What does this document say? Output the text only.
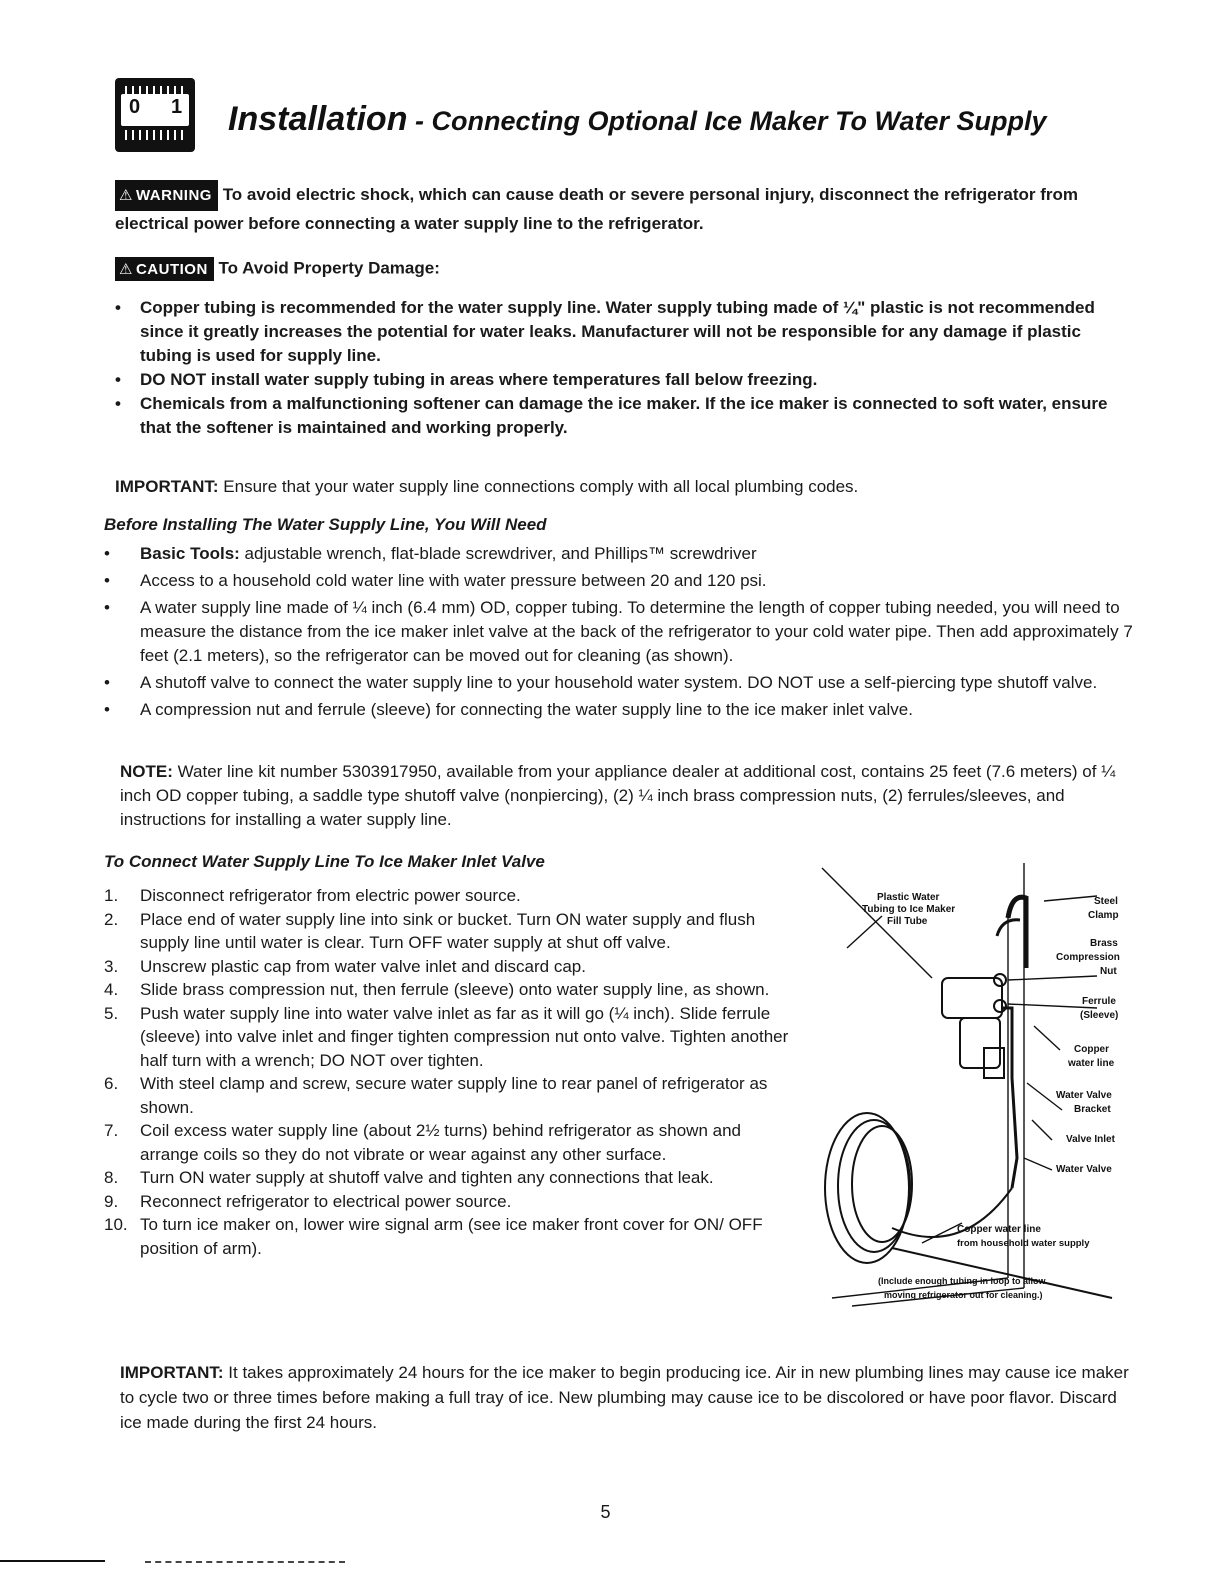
0 1 Installation - Connecting Optional Ice Maker To Water Supply
⚠ WARNING To avoid electric shock, which can cause death or severe personal injury, disconnect the refrigerator from electrical power before connecting a water supply line to the refrigerator.
⚠ CAUTION To Avoid Property Damage:
• Copper tubing is recommended for the water supply line. Water supply tubing made of ¼" plastic is not recommended since it greatly increases the potential for water leaks. Manufacturer will not be responsible for any damage if plastic tubing is used for supply line.
• DO NOT install water supply tubing in areas where temperatures fall below freezing.
• Chemicals from a malfunctioning softener can damage the ice maker. If the ice maker is connected to soft water, ensure that the softener is maintained and working properly.
IMPORTANT: Ensure that your water supply line connections comply with all local plumbing codes.
Before Installing The Water Supply Line, You Will Need
• Basic Tools: adjustable wrench, flat-blade screwdriver, and Phillips™ screwdriver
• Access to a household cold water line with water pressure between 20 and 120 psi.
• A water supply line made of ¼ inch (6.4 mm) OD, copper tubing. To determine the length of copper tubing needed, you will need to measure the distance from the ice maker inlet valve at the back of the refrigerator to your cold water pipe. Then add approximately 7 feet (2.1 meters), so the refrigerator can be moved out for cleaning (as shown).
• A shutoff valve to connect the water supply line to your household water system. DO NOT use a self-piercing type shutoff valve.
• A compression nut and ferrule (sleeve) for connecting the water supply line to the ice maker inlet valve.
NOTE: Water line kit number 5303917950, available from your appliance dealer at additional cost, contains 25 feet (7.6 meters) of ¼ inch OD copper tubing, a saddle type shutoff valve (nonpiercing), (2) ¼ inch brass compression nuts, (2) ferrules/sleeves, and instructions for installing a water supply line.
To Connect Water Supply Line To Ice Maker Inlet Valve
1. Disconnect refrigerator from electric power source.
2. Place end of water supply line into sink or bucket. Turn ON water supply and flush supply line until water is clear. Turn OFF water supply at shut off valve.
3. Unscrew plastic cap from water valve inlet and discard cap.
4. Slide brass compression nut, then ferrule (sleeve) onto water supply line, as shown.
5. Push water supply line into water valve inlet as far as it will go (¼ inch). Slide ferrule (sleeve) into valve inlet and finger tighten compression nut onto valve. Tighten another half turn with a wrench; DO NOT over tighten.
6. With steel clamp and screw, secure water supply line to rear panel of refrigerator as shown.
7. Coil excess water supply line (about 2½ turns) behind refrigerator as shown and arrange coils so they do not vibrate or wear against any other surface.
8. Turn ON water supply at shutoff valve and tighten any connections that leak.
9. Reconnect refrigerator to electrical power source.
10. To turn ice maker on, lower wire signal arm (see ice maker front cover for ON/ OFF position of arm).
Plastic Water
Tubing to Ice Maker
Fill Tube
Steel
Clamp
Brass
Compression
Nut
Ferrule
(Sleeve)
Copper
water line
Water Valve
Bracket
Valve Inlet
Water Valve
Copper water line
from household water supply
(Include enough tubing in loop to allow
moving refrigerator out for cleaning.)
IMPORTANT: It takes approximately 24 hours for the ice maker to begin producing ice. Air in new plumbing lines may cause ice maker to cycle two or three times before making a full tray of ice. New plumbing may cause ice to be discolored or have poor flavor. Discard ice made during the first 24 hours.
5
